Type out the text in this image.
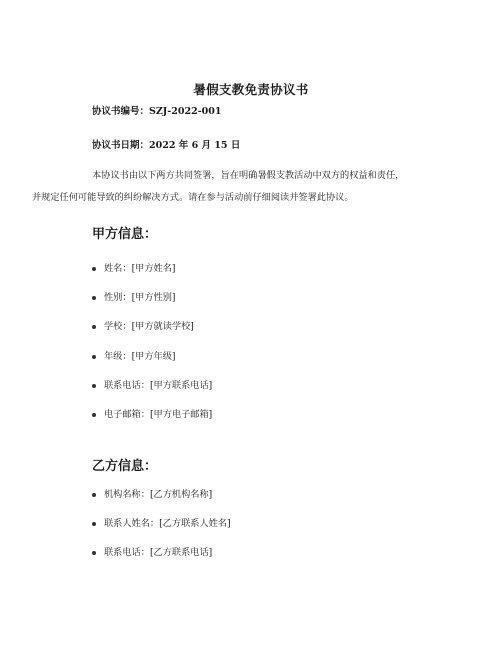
暑假支教免责协议书
协议书编号：SZJ-2022-001
协议书日期：2022 年 6 月 15 日
本协议书由以下两方共同签署，旨在明确暑假支教活动中双方的权益和责任，
并规定任何可能导致的纠纷解决方式。请在参与活动前仔细阅读并签署此协议。
甲方信息：
姓名：[甲方姓名]
性别：[甲方性别]
学校：[甲方就读学校]
年级：[甲方年级]
联系电话：[甲方联系电话]
电子邮箱：[甲方电子邮箱]
乙方信息：
机构名称：[乙方机构名称]
联系人姓名：[乙方联系人姓名]
联系电话：[乙方联系电话]
